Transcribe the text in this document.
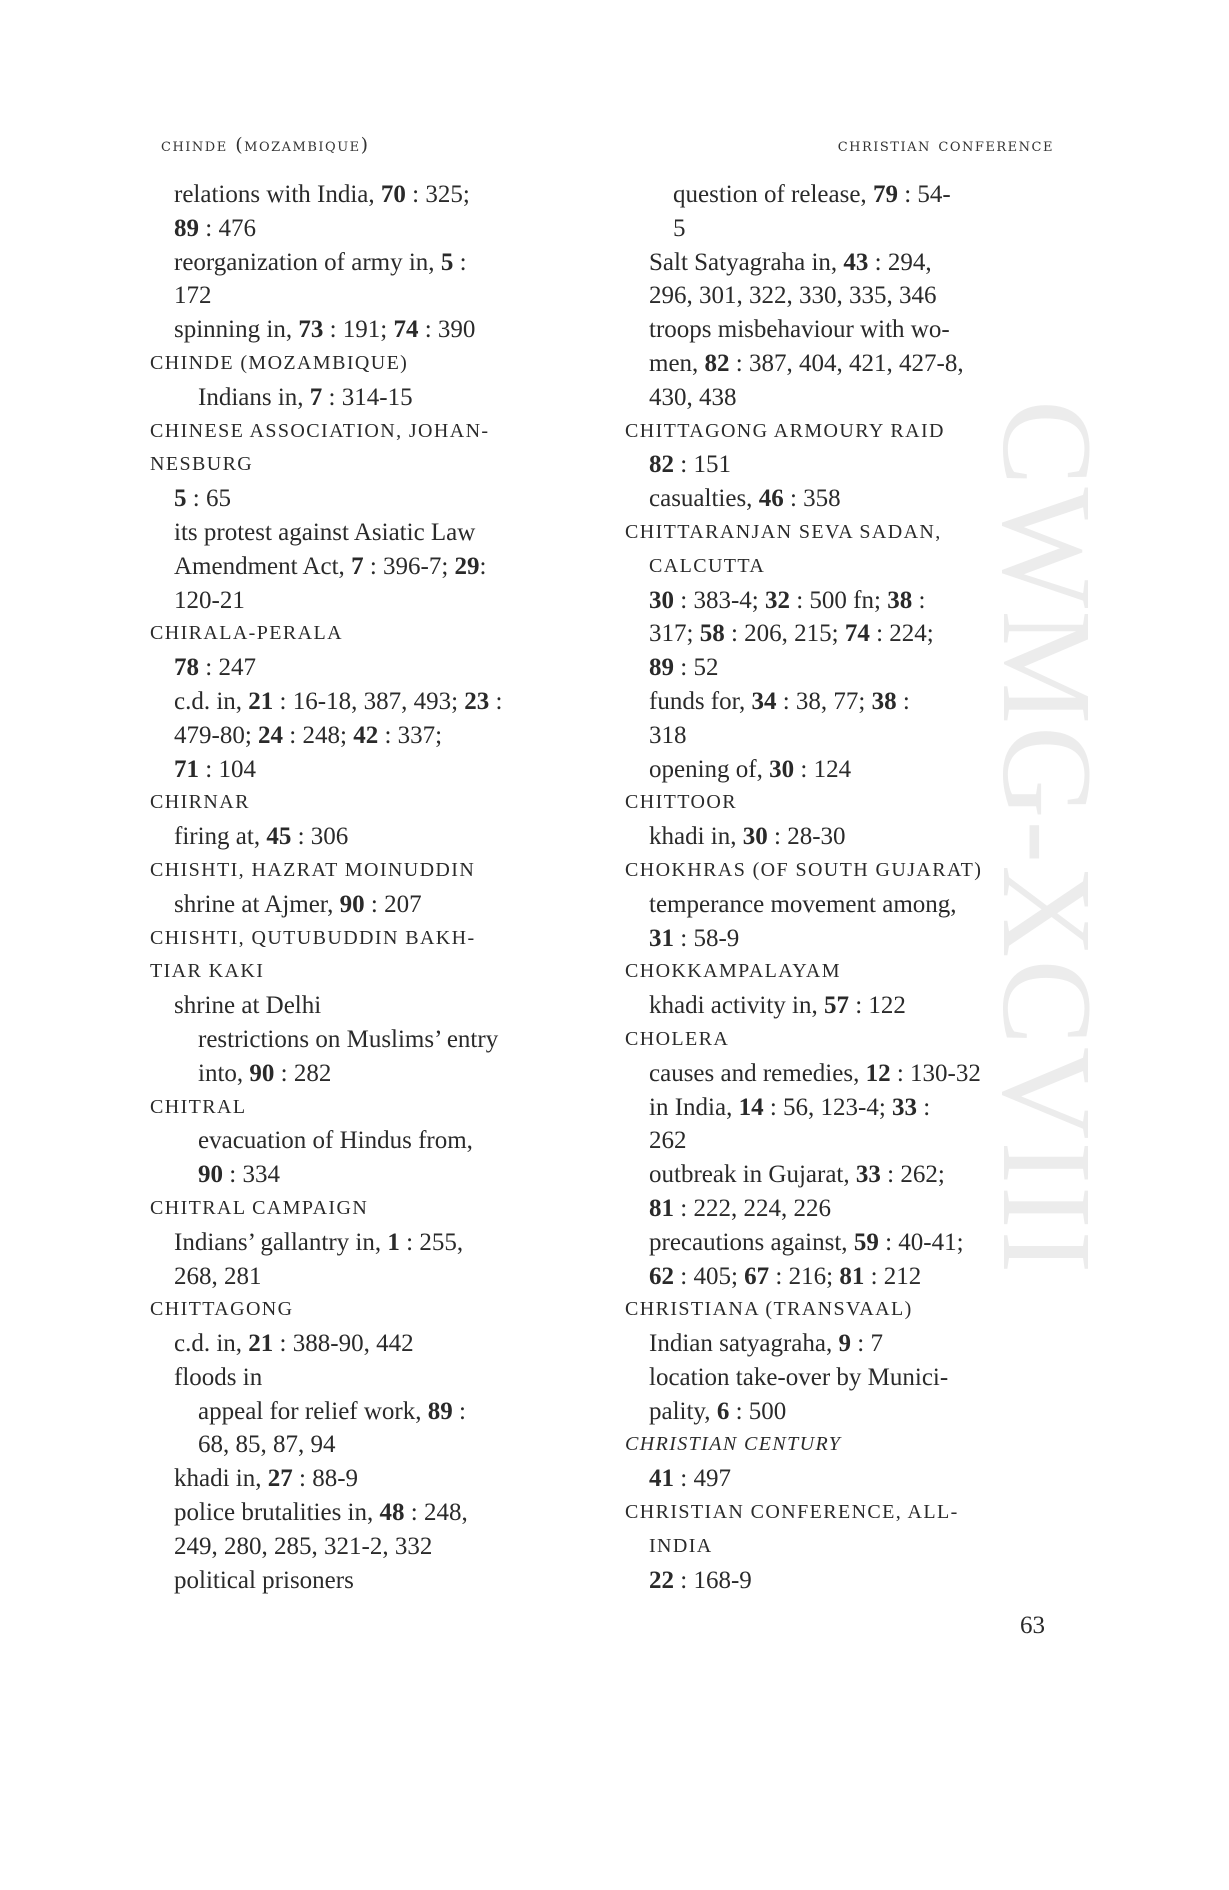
CWMG-XCVIII
chinde (mozambique)	christian conference
relations with India, 70 : 325;
89 : 476
reorganization of army in, 5 :
172
spinning in, 73 : 191; 74 : 390
CHINDE (MOZAMBIQUE)
Indians in, 7 : 314-15
CHINESE ASSOCIATION, JOHAN-
NESBURG
5 : 65
its protest against Asiatic Law
Amendment Act, 7 : 396-7; 29:
120-21
CHIRALA-PERALA
78 : 247
c.d. in, 21 : 16-18, 387, 493; 23 :
479-80; 24 : 248; 42 : 337;
71 : 104
CHIRNAR
firing at, 45 : 306
CHISHTI, HAZRAT MOINUDDIN
shrine at Ajmer, 90 : 207
CHISHTI, QUTUBUDDIN BAKH-
TIAR KAKI
shrine at Delhi
restrictions on Muslims’ entry
into, 90 : 282
CHITRAL
evacuation of Hindus from,
90 : 334
CHITRAL CAMPAIGN
Indians’ gallantry in, 1 : 255,
268, 281
CHITTAGONG
c.d. in, 21 : 388-90, 442
floods in
appeal for relief work, 89 :
68, 85, 87, 94
khadi in, 27 : 88-9
police brutalities in, 48 : 248,
249, 280, 285, 321-2, 332
political prisoners
question of release, 79 : 54-
5
Salt Satyagraha in, 43 : 294,
296, 301, 322, 330, 335, 346
troops misbehaviour with wo-
men, 82 : 387, 404, 421, 427-8,
430, 438
CHITTAGONG ARMOURY RAID
82 : 151
casualties, 46 : 358
CHITTARANJAN SEVA SADAN,
CALCUTTA
30 : 383-4; 32 : 500 fn; 38 :
317; 58 : 206, 215; 74 : 224;
89 : 52
funds for, 34 : 38, 77; 38 :
318
opening of, 30 : 124
CHITTOOR
khadi in, 30 : 28-30
CHOKHRAS (OF SOUTH GUJARAT)
temperance movement among,
31 : 58-9
CHOKKAMPALAYAM
khadi activity in, 57 : 122
CHOLERA
causes and remedies, 12 : 130-32
in India, 14 : 56, 123-4; 33 :
262
outbreak in Gujarat, 33 : 262;
81 : 222, 224, 226
precautions against, 59 : 40-41;
62 : 405; 67 : 216; 81 : 212
CHRISTIANA (TRANSVAAL)
Indian satyagraha, 9 : 7
location take-over by Munici-
pality, 6 : 500
CHRISTIAN CENTURY
41 : 497
CHRISTIAN CONFERENCE, ALL-
INDIA
22 : 168-9
63
